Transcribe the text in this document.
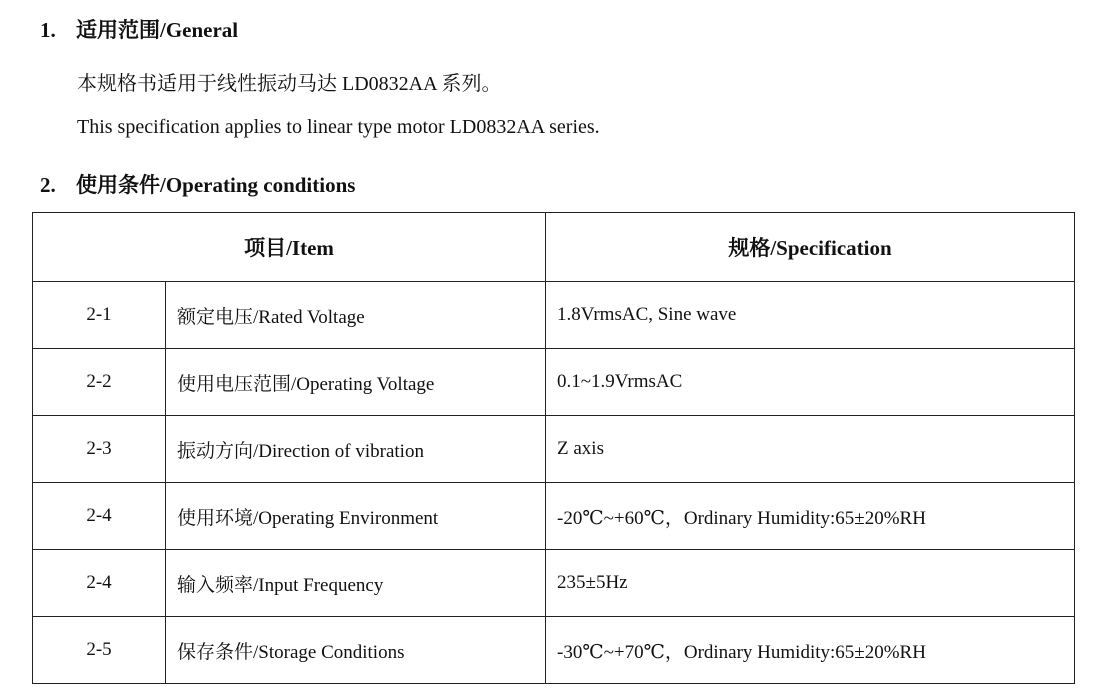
1. 适用范围/General
本规格书适用于线性振动马达 LD0832AA 系列。
This specification applies to linear type motor LD0832AA series.
2. 使用条件/Operating conditions
项目/Item		规格/Specification
2-1	额定电压/Rated Voltage	1.8VrmsAC, Sine wave
2-2	使用电压范围/Operating Voltage	0.1~1.9VrmsAC
2-3	振动方向/Direction of vibration	Z axis
2-4	使用环境/Operating Environment	-20℃~+60℃，Ordinary Humidity:65±20%RH
2-4	输入频率/Input Frequency	235±5Hz
2-5	保存条件/Storage Conditions	-30℃~+70℃，Ordinary Humidity:65±20%RH
